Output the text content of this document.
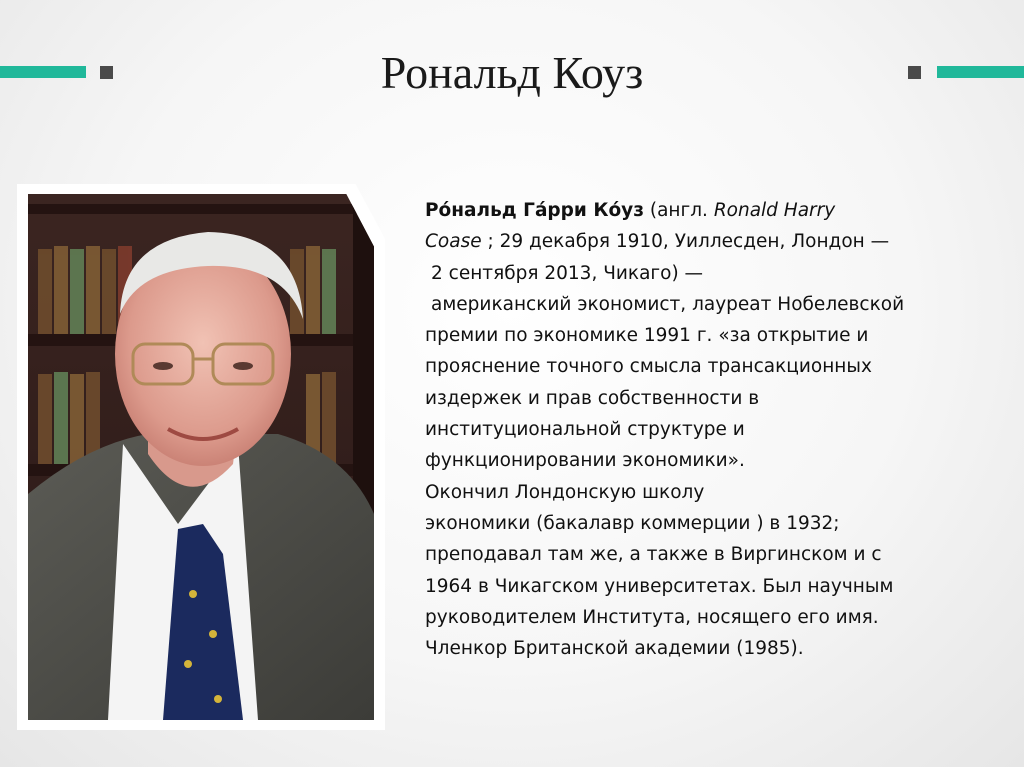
Рональд Коуз

Ро́нальд Га́рри Ко́уз (англ. Ronald Harry

Coase ; 29 декабря 1910, Уиллесден, Лондон —

2 сентября 2013, Чикаго) —

американский экономист, лауреат Нобелевской

премии по экономике 1991 г. «за открытие и

прояснение точного смысла трансакционных

издержек и прав собственности в

институциональной структуре и

функционировании экономики».

Окончил Лондонскую школу

экономики (бакалавр коммерции ) в 1932;

преподавал там же, а также в Виргинском и с

1964 в Чикагском университетах. Был научным

руководителем Института, носящего его имя.

Членкор Британской академии (1985).
